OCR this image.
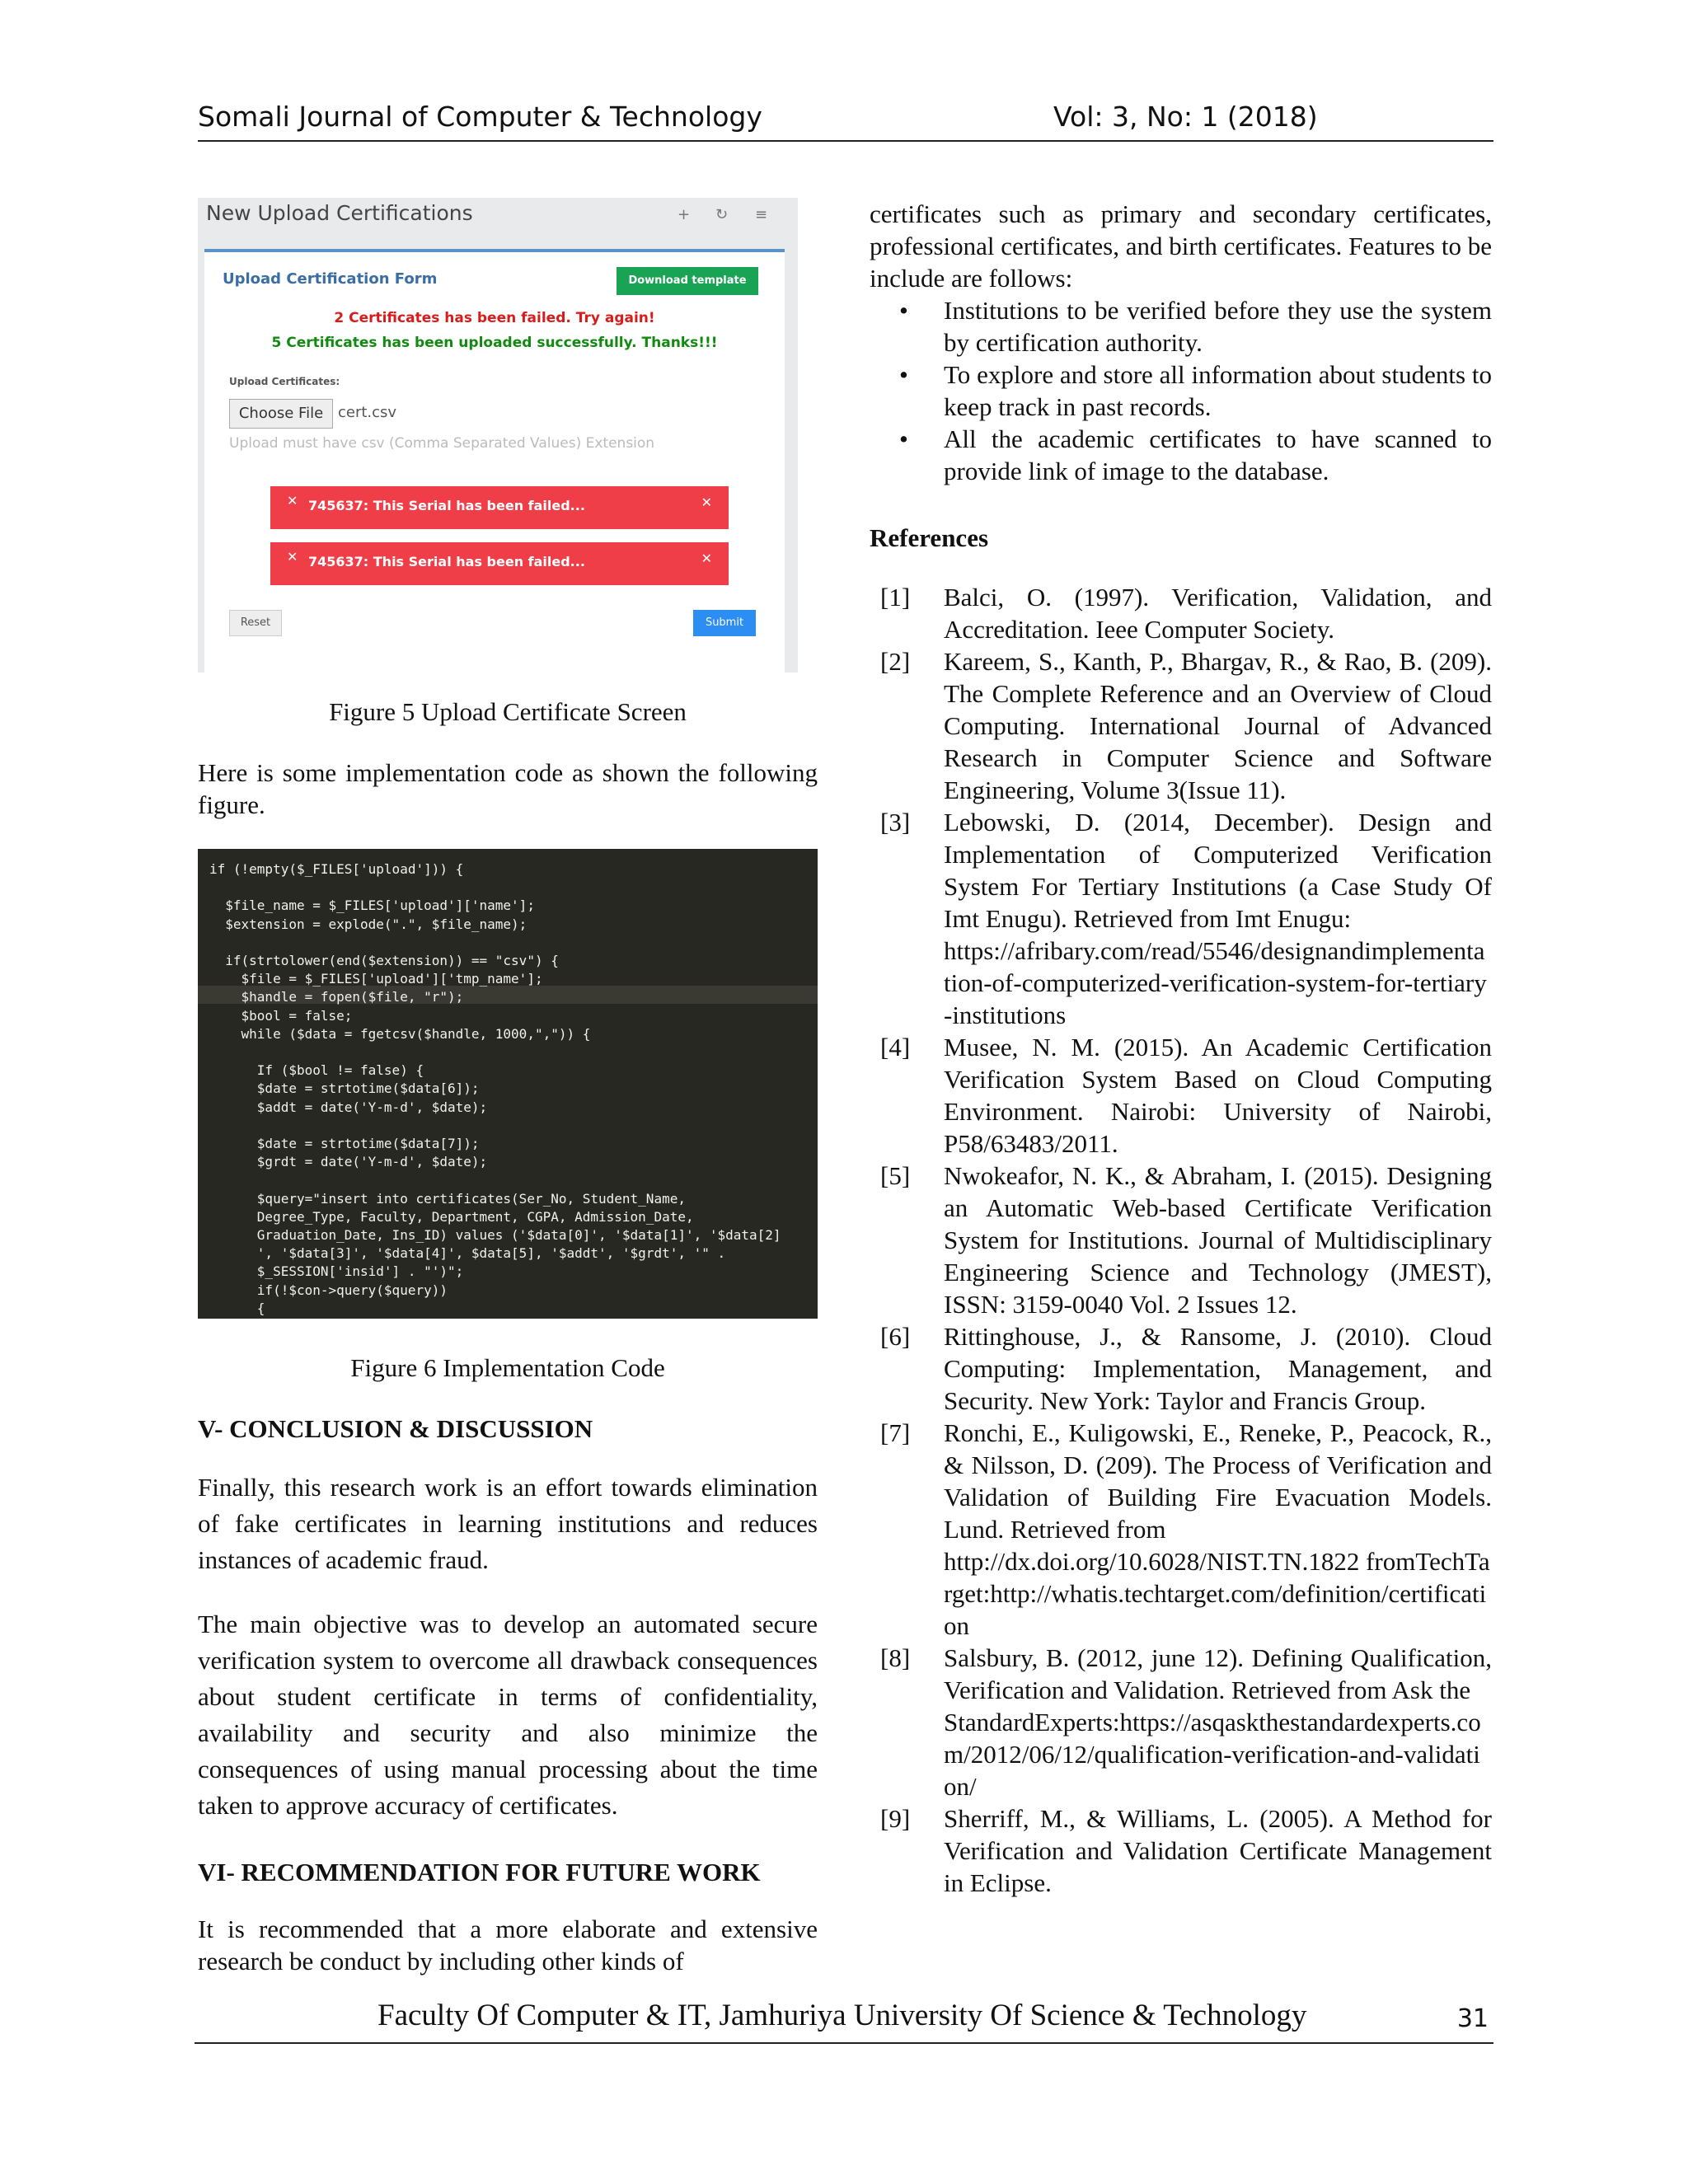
Somali Journal of Computer & Technology	Vol: 3, No: 1 (2018)
New Upload Certifications	+ ↻ ≡
Upload Certification Form	Download template
2 Certificates has been failed. Try again!
5 Certificates has been uploaded successfully. Thanks!!!
Upload Certificates:
Choose File cert.csv
Upload must have csv (Comma Separated Values) Extension
✕ 745637: This Serial has been failed...	✕
✕ 745637: This Serial has been failed...	✕
Reset	Submit
Figure 5 Upload Certificate Screen
Here is some implementation code as shown the following figure.
if (!empty($_FILES['upload'])) {
$file_name = $_FILES['upload']['name'];
$extension = explode(".", $file_name);
if(strtolower(end($extension)) == "csv") {
$file = $_FILES['upload']['tmp_name'];
$handle = fopen($file, "r");
$bool = false;
while ($data = fgetcsv($handle, 1000,",")) {
If ($bool != false) {
$date = strtotime($data[6]);
$addt = date('Y-m-d', $date);
$date = strtotime($data[7]);
$grdt = date('Y-m-d', $date);
$query="insert into certificates(Ser_No, Student_Name,
Degree_Type, Faculty, Department, CGPA, Admission_Date,
Graduation_Date, Ins_ID) values ('$data[0]', '$data[1]', '$data[2]
', '$data[3]', '$data[4]', $data[5], '$addt', '$grdt', '" .
$_SESSION['insid'] . "')";
if(!$con->query($query))
{
Figure 6 Implementation Code
V- CONCLUSION & DISCUSSION

Finally, this research work is an effort towards elimination of fake certificates in learning institutions and reduces instances of academic fraud.

The main objective was to develop an automated secure verification system to overcome all drawback consequences about student certificate in terms of confidentiality, availability and security and also minimize the consequences of using manual processing about the time taken to approve accuracy of certificates.

VI- RECOMMENDATION FOR FUTURE WORK

It is recommended that a more elaborate and extensive research be conduct by including other kinds of

certificates such as primary and secondary certificates, professional certificates, and birth certificates. Features to be include are follows:
• Institutions to be verified before they use the system by certification authority.
• To explore and store all information about students to keep track in past records.
• All the academic certificates to have scanned to provide link of image to the database.
References
[1] Balci, O. (1997). Verification, Validation, and Accreditation. Ieee Computer Society.
[2] Kareem, S., Kanth, P., Bhargav, R., & Rao, B. (209). The Complete Reference and an Overview of Cloud Computing. International Journal of Advanced Research in Computer Science and Software Engineering, Volume 3(Issue 11).
[3] Lebowski, D. (2014, December). Design and Implementation of Computerized Verification System For Tertiary Institutions (a Case Study Of Imt Enugu). Retrieved from Imt Enugu:
https://afribary.com/read/5546/designandimplementation-of-computerized-verification-system-for-tertiary-institutions
[4] Musee, N. M. (2015). An Academic Certification Verification System Based on Cloud Computing Environment. Nairobi: University of Nairobi, P58/63483/2011.
[5] Nwokeafor, N. K., & Abraham, I. (2015). Designing an Automatic Web-based Certificate Verification System for Institutions. Journal of Multidisciplinary Engineering Science and Technology (JMEST), ISSN: 3159-0040 Vol. 2 Issues 12.
[6] Rittinghouse, J., & Ransome, J. (2010). Cloud Computing: Implementation, Management, and Security. New York: Taylor and Francis Group.
[7] Ronchi, E., Kuligowski, E., Reneke, P., Peacock, R., & Nilsson, D. (209). The Process of Verification and Validation of Building Fire Evacuation Models. Lund. Retrieved from
http://dx.doi.org/10.6028/NIST.TN.1822 fromTechTarget:http://whatis.techtarget.com/definition/certification
[8] Salsbury, B. (2012, june 12). Defining Qualification, Verification and Validation. Retrieved from Ask the
StandardExperts:https://asqaskthestandardexperts.com/2012/06/12/qualification-verification-and-validation/
[9] Sherriff, M., & Williams, L. (2005). A Method for Verification and Validation Certificate Management in Eclipse.
Faculty Of Computer & IT, Jamhuriya University Of Science & Technology	31
